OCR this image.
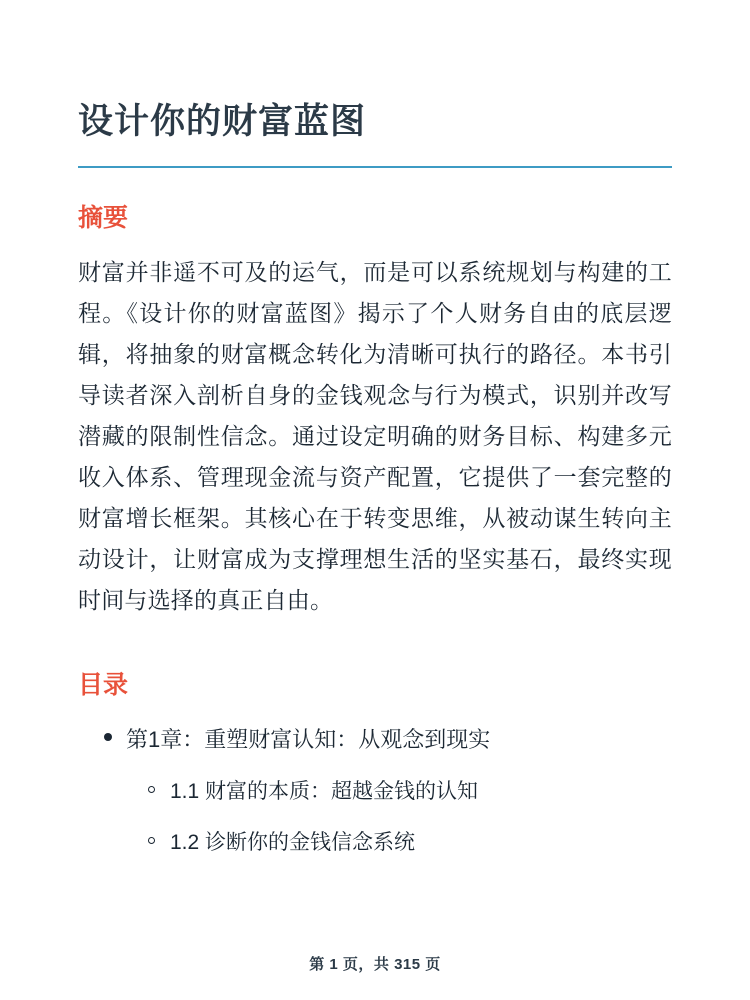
设计你的财富蓝图
摘要

财富并非遥不可及的运气，而是可以系统规划与构建的工程。《设计你的财富蓝图》揭示了个人财务自由的底层逻辑，将抽象的财富概念转化为清晰可执行的路径。本书引导读者深入剖析自身的金钱观念与行为模式，识别并改写潜藏的限制性信念。通过设定明确的财务目标、构建多元收入体系、管理现金流与资产配置，它提供了一套完整的财富增长框架。其核心在于转变思维，从被动谋生转向主动设计，让财富成为支撑理想生活的坚实基石，最终实现时间与选择的真正自由。

目录
第1章：重塑财富认知：从观念到现实
1.1 财富的本质：超越金钱的认知
1.2 诊断你的金钱信念系统
第 1 页，共 315 页
